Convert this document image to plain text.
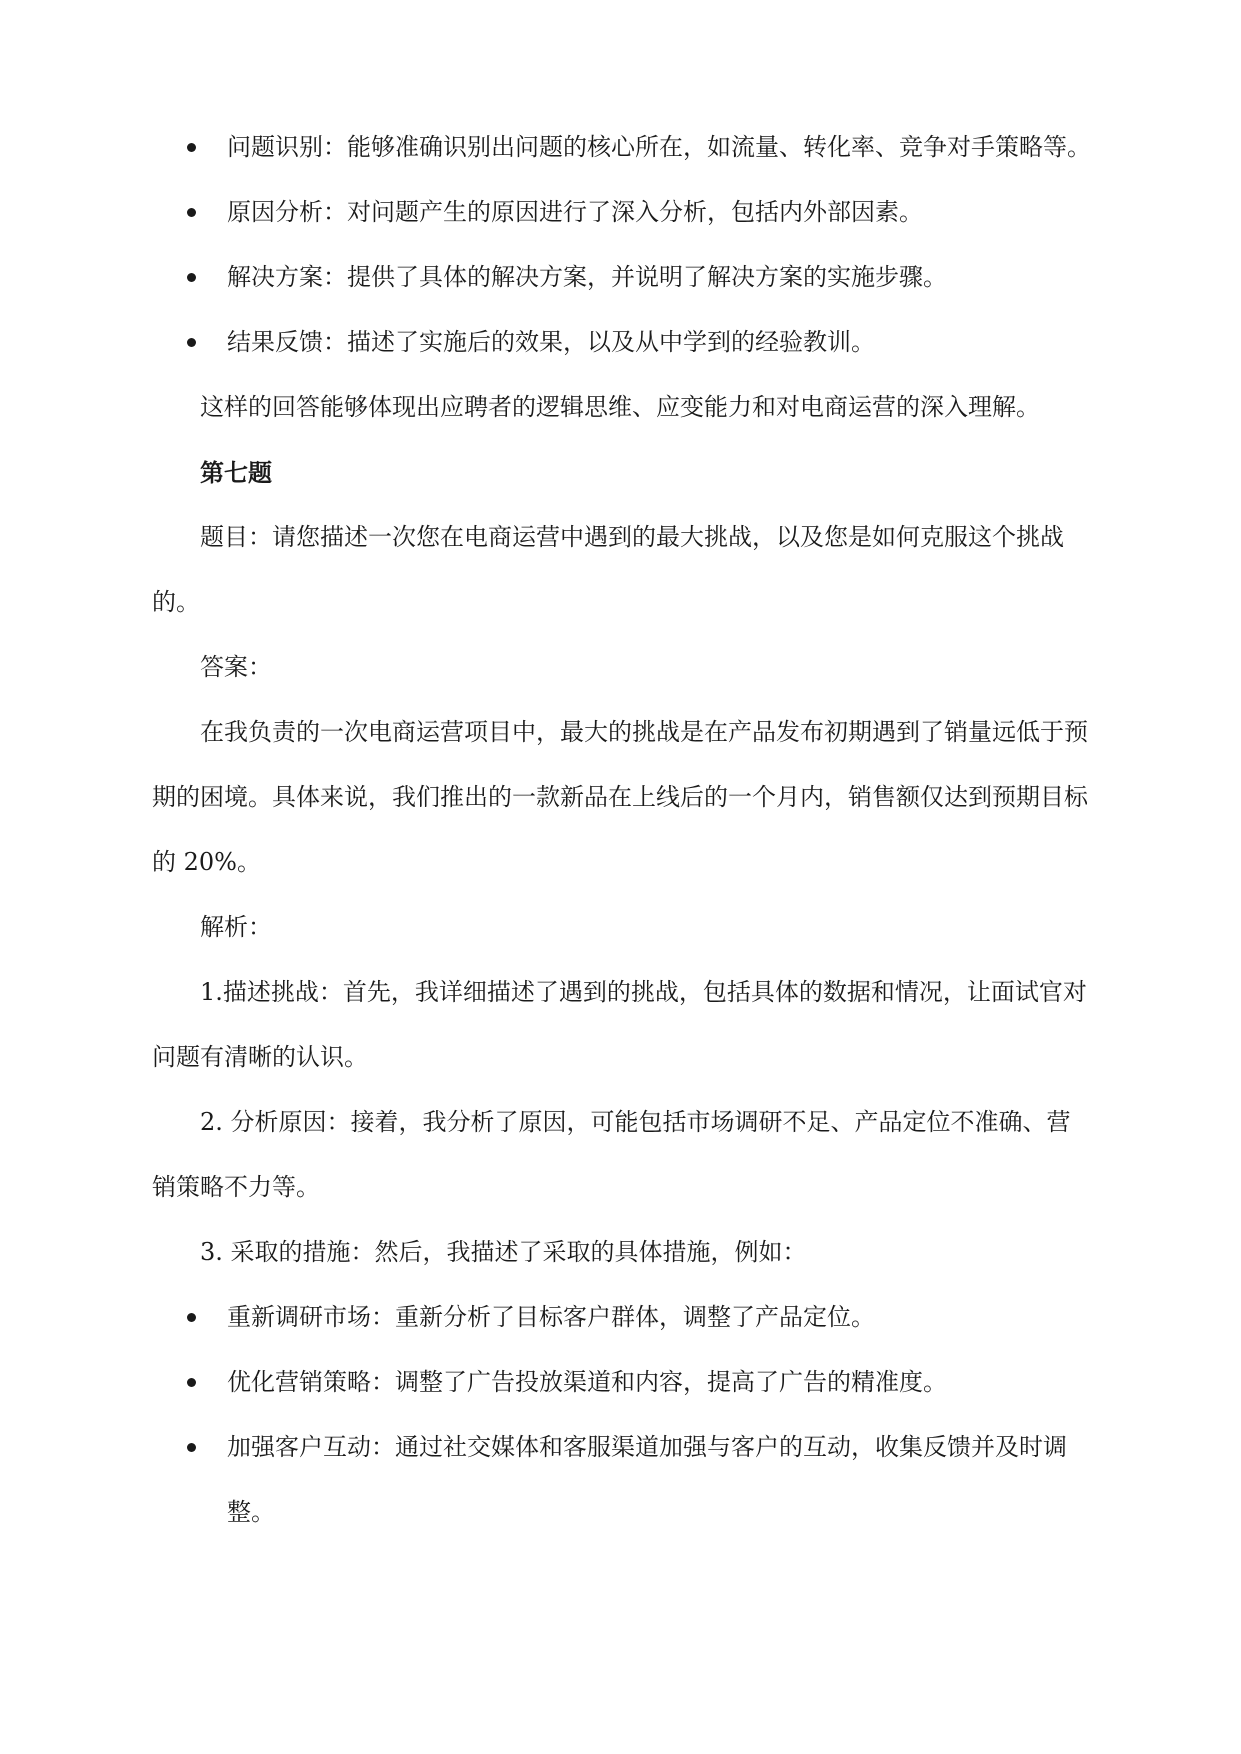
问题识别：能够准确识别出问题的核心所在，如流量、转化率、竞争对手策略等。
原因分析：对问题产生的原因进行了深入分析，包括内外部因素。
解决方案：提供了具体的解决方案，并说明了解决方案的实施步骤。
结果反馈：描述了实施后的效果，以及从中学到的经验教训。

这样的回答能够体现出应聘者的逻辑思维、应变能力和对电商运营的深入理解。

第七题

题目：请您描述一次您在电商运营中遇到的最大挑战，以及您是如何克服这个挑战的。

答案：

在我负责的一次电商运营项目中，最大的挑战是在产品发布初期遇到了销量远低于预期的困境。具体来说，我们推出的一款新品在上线后的一个月内，销售额仅达到预期目标的 20%。

解析：

1.描述挑战：首先，我详细描述了遇到的挑战，包括具体的数据和情况，让面试官对问题有清晰的认识。

2. 分析原因：接着，我分析了原因，可能包括市场调研不足、产品定位不准确、营销策略不力等。

3. 采取的措施：然后，我描述了采取的具体措施，例如：

重新调研市场：重新分析了目标客户群体，调整了产品定位。
优化营销策略：调整了广告投放渠道和内容，提高了广告的精准度。
加强客户互动：通过社交媒体和客服渠道加强与客户的互动，收集反馈并及时调整。
